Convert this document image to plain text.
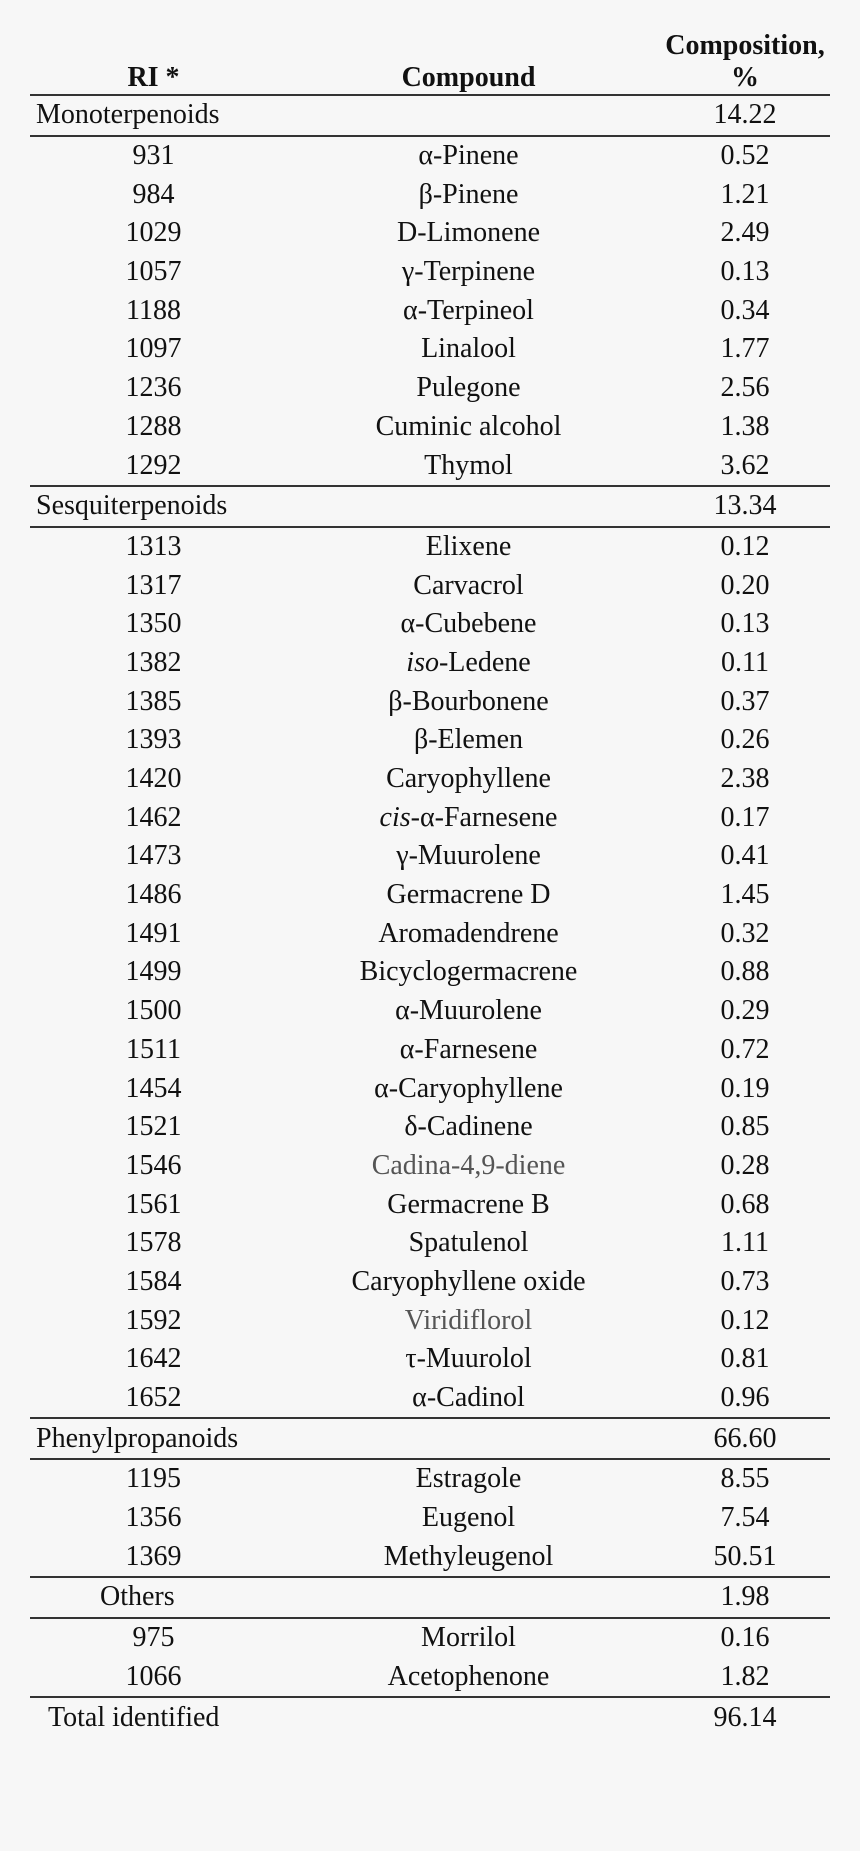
RI *	Compound	Composition, %
Monoterpenoids		14.22
931	α-Pinene	0.52
984	β-Pinene	1.21
1029	D-Limonene	2.49
1057	γ-Terpinene	0.13
1188	α-Terpineol	0.34
1097	Linalool	1.77
1236	Pulegone	2.56
1288	Cuminic alcohol	1.38
1292	Thymol	3.62
Sesquiterpenoids		13.34
1313	Elixene	0.12
1317	Carvacrol	0.20
1350	α-Cubebene	0.13
1382	iso-Ledene	0.11
1385	β-Bourbonene	0.37
1393	β-Elemen	0.26
1420	Caryophyllene	2.38
1462	cis-α-Farnesene	0.17
1473	γ-Muurolene	0.41
1486	Germacrene D	1.45
1491	Aromadendrene	0.32
1499	Bicyclogermacrene	0.88
1500	α-Muurolene	0.29
1511	α-Farnesene	0.72
1454	α-Caryophyllene	0.19
1521	δ-Cadinene	0.85
1546	Cadina-4,9-diene	0.28
1561	Germacrene B	0.68
1578	Spatulenol	1.11
1584	Caryophyllene oxide	0.73
1592	Viridiflorol	0.12
1642	τ-Muurolol	0.81
1652	α-Cadinol	0.96
Phenylpropanoids		66.60
1195	Estragole	8.55
1356	Eugenol	7.54
1369	Methyleugenol	50.51
Others		1.98
975	Morrilol	0.16
1066	Acetophenone	1.82
Total identified		96.14
